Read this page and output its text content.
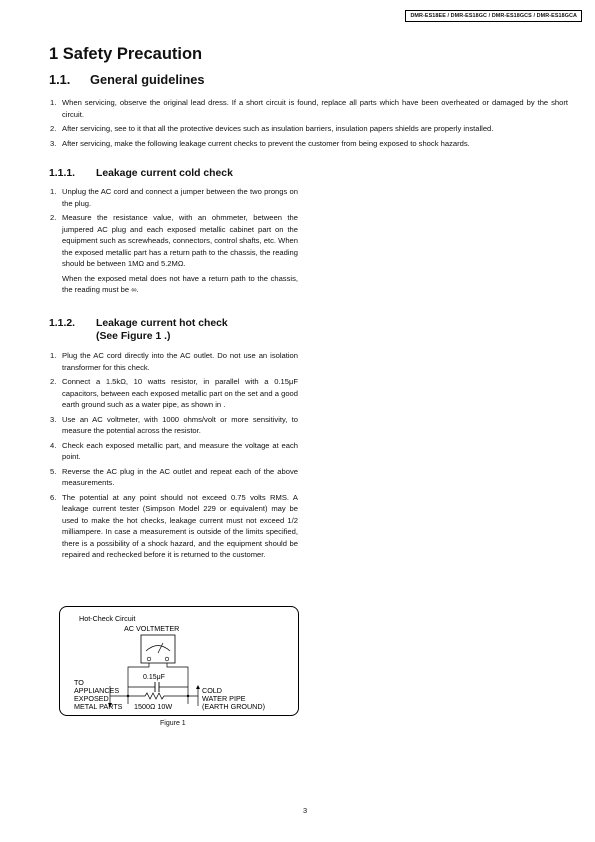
DMR-ES18EE / DMR-ES18GC / DMR-ES18GCS / DMR-ES18GCA
1 Safety Precaution
1.1. General guidelines
1. When servicing, observe the original lead dress. If a short circuit is found, replace all parts which have been overheated or damaged by the short circuit.
2. After servicing, see to it that all the protective devices such as insulation barriers, insulation papers shields are properly installed.
3. After servicing, make the following leakage current checks to prevent the customer from being exposed to shock hazards.
1.1.1. Leakage current cold check
1. Unplug the AC cord and connect a jumper between the two prongs on the plug.
2. Measure the resistance value, with an ohmmeter, between the jumpered AC plug and each exposed metallic cabinet part on the equipment such as screwheads, connectors, control shafts, etc. When the exposed metallic part has a return path to the chassis, the reading should be between 1MΩ and 5.2MΩ.
When the exposed metal does not have a return path to the chassis, the reading must be ∞.
1.1.2. Leakage current hot check
(See Figure 1 .)
1. Plug the AC cord directly into the AC outlet. Do not use an isolation transformer for this check.
2. Connect a 1.5kΩ, 10 watts resistor, in parallel with a 0.15μF capacitors, between each exposed metallic part on the set and a good earth ground such as a water pipe, as shown in .
3. Use an AC voltmeter, with 1000 ohms/volt or more sensitivity, to measure the potential across the resistor.
4. Check each exposed metallic part, and measure the voltage at each point.
5. Reverse the AC plug in the AC outlet and repeat each of the above measurements.
6. The potential at any point should not exceed 0.75 volts RMS. A leakage current tester (Simpson Model 229 or equivalent) may be used to make the hot checks, leakage current must not exceed 1/2 milliampere. In case a measurement is outside of the limits specified, there is a possibility of a shock hazard, and the equipment should be repaired and rechecked before it is returned to the customer.
Hot-Check Circuit
AC VOLTMETER
0.15μF
TO
APPLIANCES
EXPOSED
METAL PARTS 1500Ω 10W
COLD
WATER PIPE
(EARTH GROUND)
Figure 1
3
